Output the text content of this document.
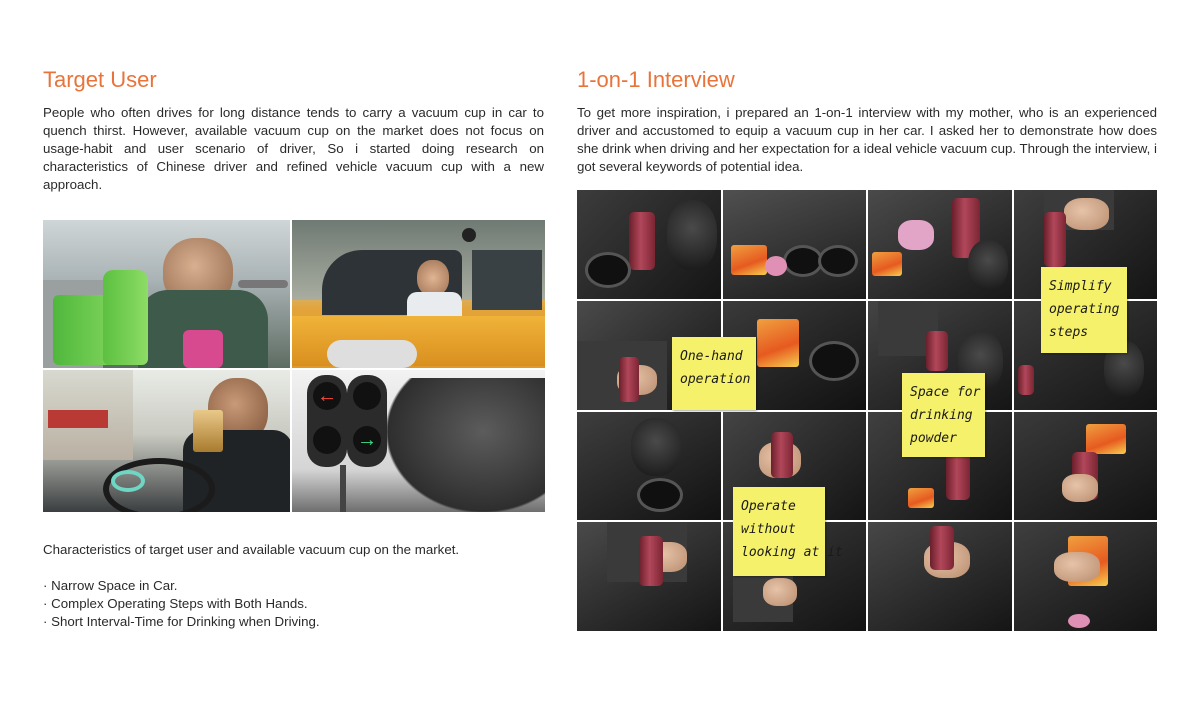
Target User

People who often drives for long distance tends to carry a vacuum cup in car to quench thirst. However, available vacuum cup on the market does not focus on usage-habit and user scenario of driver, So i started doing research on characteristics of Chinese driver and refined vehicle vacuum cup with a new approach.

←
→

Characteristics of target user and available vacuum cup on the market.

· Narrow Space in Car.

· Complex Operating Steps with Both Hands.

· Short Interval-Time for Drinking when Driving.

1-on-1 Interview

To get more inspiration, i prepared an 1-on-1 interview with my mother, who is an experienced driver and accustomed to equip a vacuum cup in her car. I asked her to demonstrate how does she drink when driving and her expectation for a ideal vehicle vacuum cup. Through the interview, i got several keywords of potential idea.

One-hand
operation
Space for
drinking
powder
Simplify
operating
steps
Operate
without
looking at it
